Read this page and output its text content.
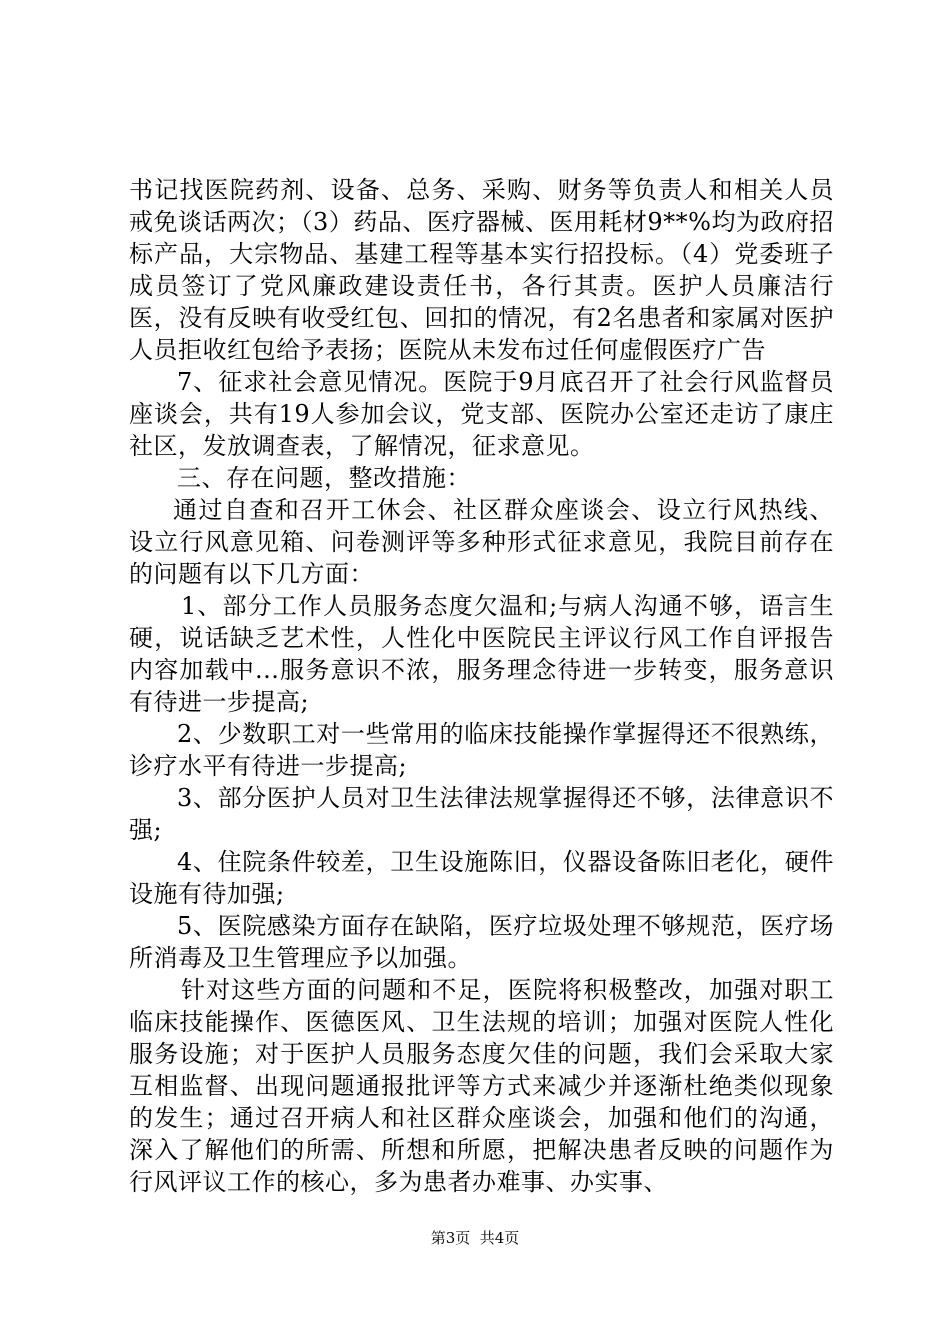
书记找医院药剂、设备、总务、采购、财务等负责人和相关人员戒免谈话两次；（3）药品、医疗器械、医用耗材9**%均为政府招标产品，大宗物品、基建工程等基本实行招投标。（4）党委班子成员签订了党风廉政建设责任书，各行其责。医护人员廉洁行医，没有反映有收受红包、回扣的情况，有2名患者和家属对医护人员拒收红包给予表扬；医院从未发布过任何虚假医疗广告

7、征求社会意见情况。医院于9月底召开了社会行风监督员座谈会，共有19人参加会议，党支部、医院办公室还走访了康庄社区，发放调查表，了解情况，征求意见。

三、存在问题，整改措施：

通过自查和召开工休会、社区群众座谈会、设立行风热线、设立行风意见箱、问卷测评等多种形式征求意见，我院目前存在的问题有以下几方面：

1、部分工作人员服务态度欠温和;与病人沟通不够，语言生硬，说话缺乏艺术性，人性化中医院民主评议行风工作自评报告内容加载中...服务意识不浓，服务理念待进一步转变，服务意识有待进一步提高;

2、少数职工对一些常用的临床技能操作掌握得还不很熟练，诊疗水平有待进一步提高;

3、部分医护人员对卫生法律法规掌握得还不够，法律意识不强;

4、住院条件较差，卫生设施陈旧，仪器设备陈旧老化，硬件设施有待加强;

5、医院感染方面存在缺陷，医疗垃圾处理不够规范，医疗场所消毒及卫生管理应予以加强。

针对这些方面的问题和不足，医院将积极整改，加强对职工临床技能操作、医德医风、卫生法规的培训；加强对医院人性化服务设施；对于医护人员服务态度欠佳的问题，我们会采取大家互相监督、出现问题通报批评等方式来减少并逐渐杜绝类似现象的发生；通过召开病人和社区群众座谈会，加强和他们的沟通，深入了解他们的所需、所想和所愿，把解决患者反映的问题作为行风评议工作的核心，多为患者办难事、办实事、

第3页  共4页
